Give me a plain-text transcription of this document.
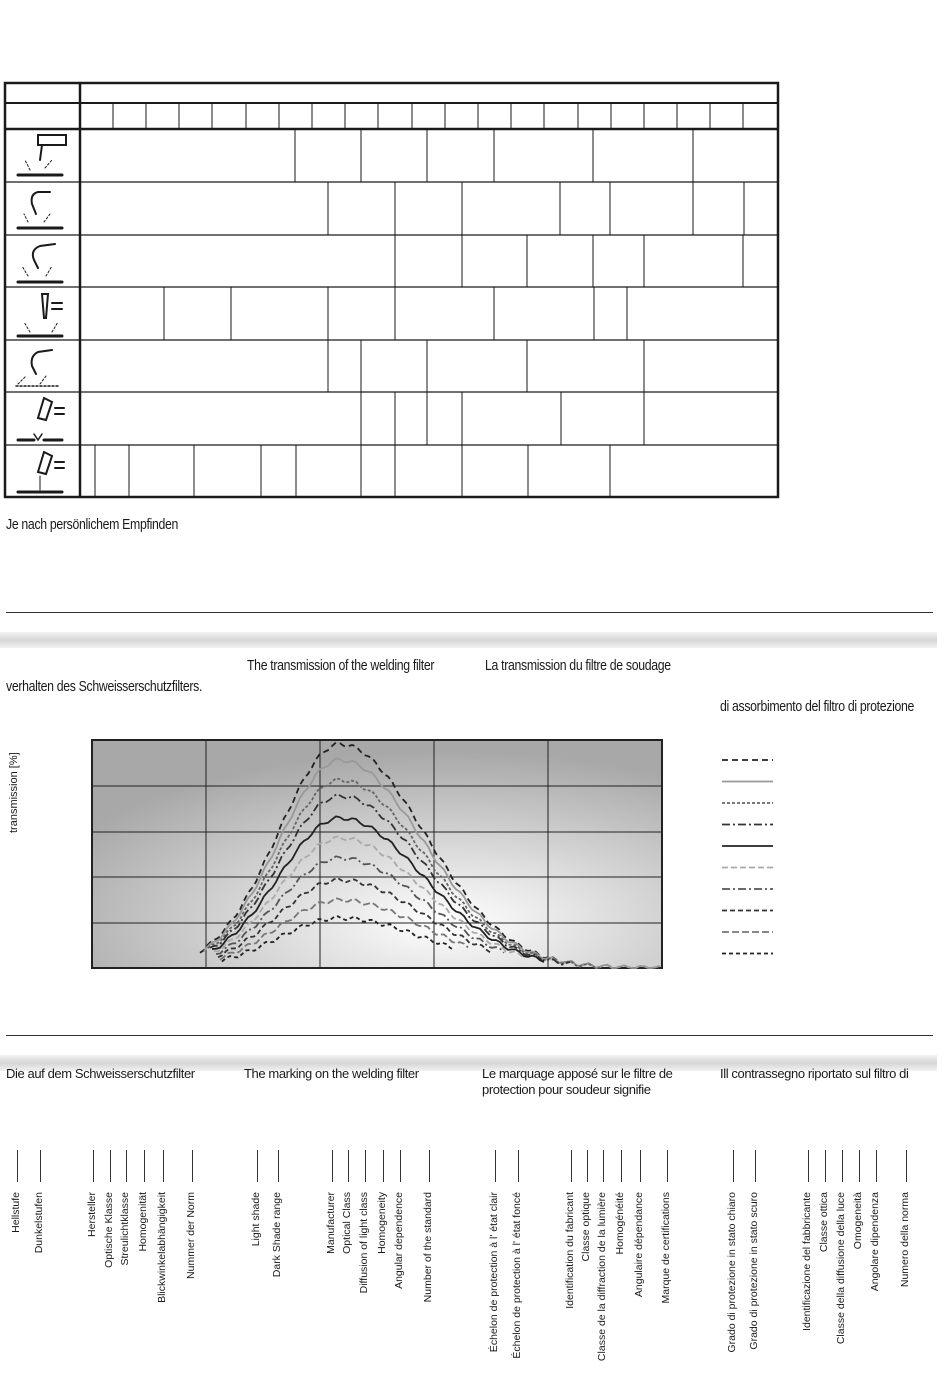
Je nach persönlichem Empfinden
The transmission of the welding filter	La transmission du filtre de soudage
verhalten des Schweisserschutzfilters.
di assorbimento del filtro di protezione
transmission [%]
Die auf dem Schweisserschutzfilter	The marking on the welding filter	Le marquage apposé sur le filtre de
protection pour soudeur signifie
Ill contrassegno riportato sul filtro di
Hellstufe Dunkelstufen	Hersteller Optische Klasse Streulichtklasse Homogenität Blickwinkelabhängigkeit Nummer der Norm	Light shade Dark Shade range	Manufacturer Optical Class Diffusion of light class Homogeneity Angular dependence Number of the standard	Échelon de protection à l' état clair Échelon de protection à l' état foncé	Identification du fabricant Classe optique Classe de la diffraction de la lumière Homogénéité Angulaire dépendance Marque de certifications	Grado di protezione in stato chiaro Grado di protezione in stato scuro	Identificazione del fabbricante Classe ottica Classe della diffusione della luce Omogeneità Angolare dipendenza Numero della norma
